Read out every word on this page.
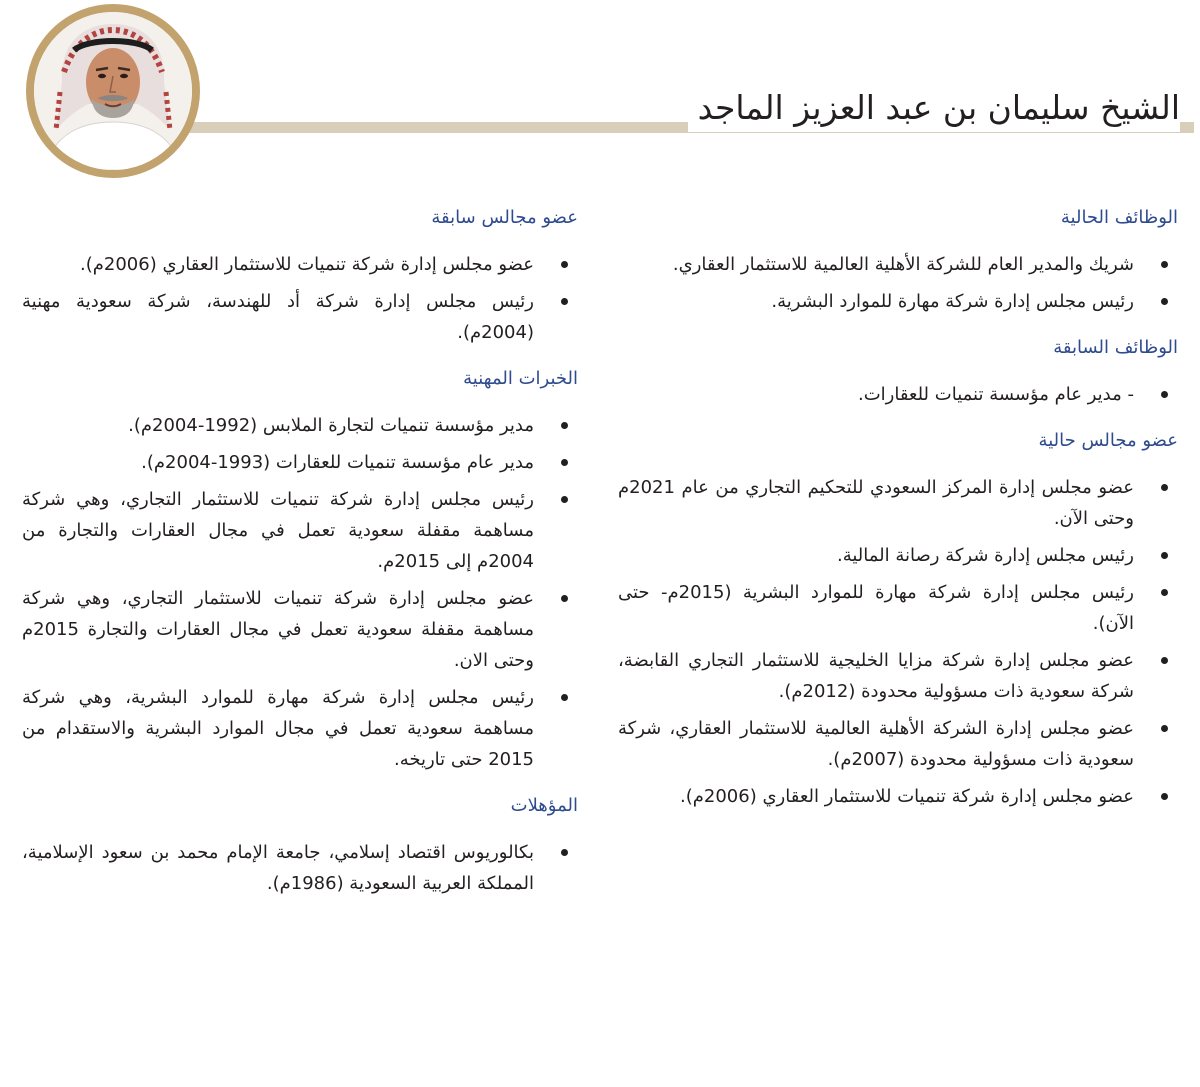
الشيخ سليمان بن عبد العزيز الماجد
الوظائف الحالية
شريك والمدير العام للشركة الأهلية العالمية للاستثمار العقاري.
رئيس مجلس إدارة شركة مهارة للموارد البشرية.
الوظائف السابقة
- مدير عام مؤسسة تنميات للعقارات.
عضو مجالس حالية
عضو مجلس إدارة المركز السعودي للتحكيم التجاري من عام 2021م وحتى الآن.
رئيس مجلس إدارة شركة رصانة المالية.
رئيس مجلس إدارة شركة مهارة للموارد البشرية (2015م- حتى الآن).
عضو مجلس إدارة شركة مزايا الخليجية للاستثمار التجاري القابضة، شركة سعودية ذات مسؤولية محدودة (2012م).
عضو مجلس إدارة الشركة الأهلية العالمية للاستثمار العقاري، شركة سعودية ذات مسؤولية محدودة (2007م).
عضو مجلس إدارة شركة تنميات للاستثمار العقاري (2006م).
عضو مجالس سابقة
عضو مجلس إدارة شركة تنميات للاستثمار العقاري (2006م).
رئيس مجلس إدارة شركة أد للهندسة، شركة سعودية مهنية (2004م).
الخبرات المهنية
مدير مؤسسة تنميات لتجارة الملابس (1992-2004م).
مدير عام مؤسسة تنميات للعقارات (1993-2004م).
رئيس مجلس إدارة شركة تنميات للاستثمار التجاري، وهي شركة مساهمة مقفلة سعودية تعمل في مجال العقارات والتجارة من 2004م إلى 2015م.
عضو مجلس إدارة شركة تنميات للاستثمار التجاري، وهي شركة مساهمة مقفلة سعودية تعمل في مجال العقارات والتجارة 2015م وحتى الان.
رئيس مجلس إدارة شركة مهارة للموارد البشرية، وهي شركة مساهمة سعودية تعمل في مجال الموارد البشرية والاستقدام من 2015 حتى تاريخه.
المؤهلات
بكالوريوس اقتصاد إسلامي، جامعة الإمام محمد بن سعود الإسلامية، المملكة العربية السعودية (1986م).
